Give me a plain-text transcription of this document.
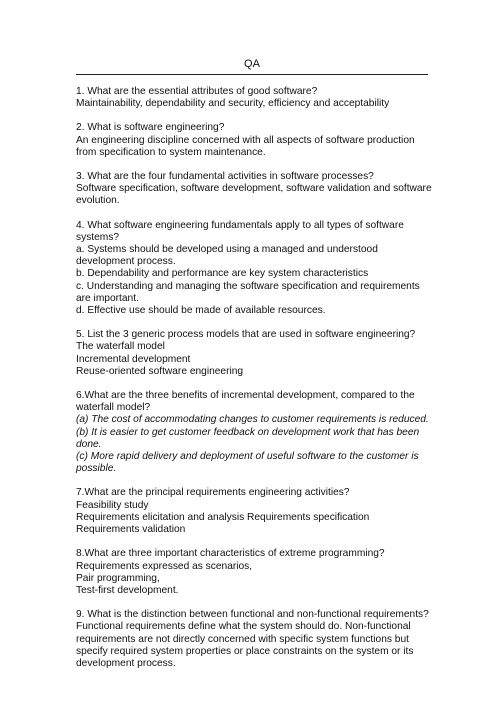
QA

1. What are the essential attributes of good software?

Maintainability, dependability and security, efficiency and acceptability

2. What is software engineering?

An engineering discipline concerned with all aspects of software production from specification to system maintenance.

3. What are the four fundamental activities in software processes?

Software specification, software development, software validation and software evolution.

4. What software engineering fundamentals apply to all types of software systems?

a. Systems should be developed using a managed and understood development process.

b. Dependability and performance are key system characteristics

c. Understanding and managing the software specification and requirements are important.

d. Effective use should be made of available resources.

5. List the 3 generic process models that are used in software engineering?

The waterfall model

Incremental development

Reuse-oriented software engineering

6.What are the three benefits of incremental development, compared to the waterfall model?

(a) The cost of accommodating changes to customer requirements is reduced.

(b) It is easier to get customer feedback on development work that has been done.

(c) More rapid delivery and deployment of useful software to the customer is possible.

7.What are the principal requirements engineering activities?

Feasibility study

Requirements elicitation and analysis Requirements specification

Requirements validation

8.What are three important characteristics of extreme programming?

Requirements expressed as scenarios,

Pair programming,

Test-first development.

9. What is the distinction between functional and non-functional requirements?

Functional requirements define what the system should do. Non-functional requirements are not directly concerned with specific system functions but specify required system properties or place constraints on the system or its development process.
